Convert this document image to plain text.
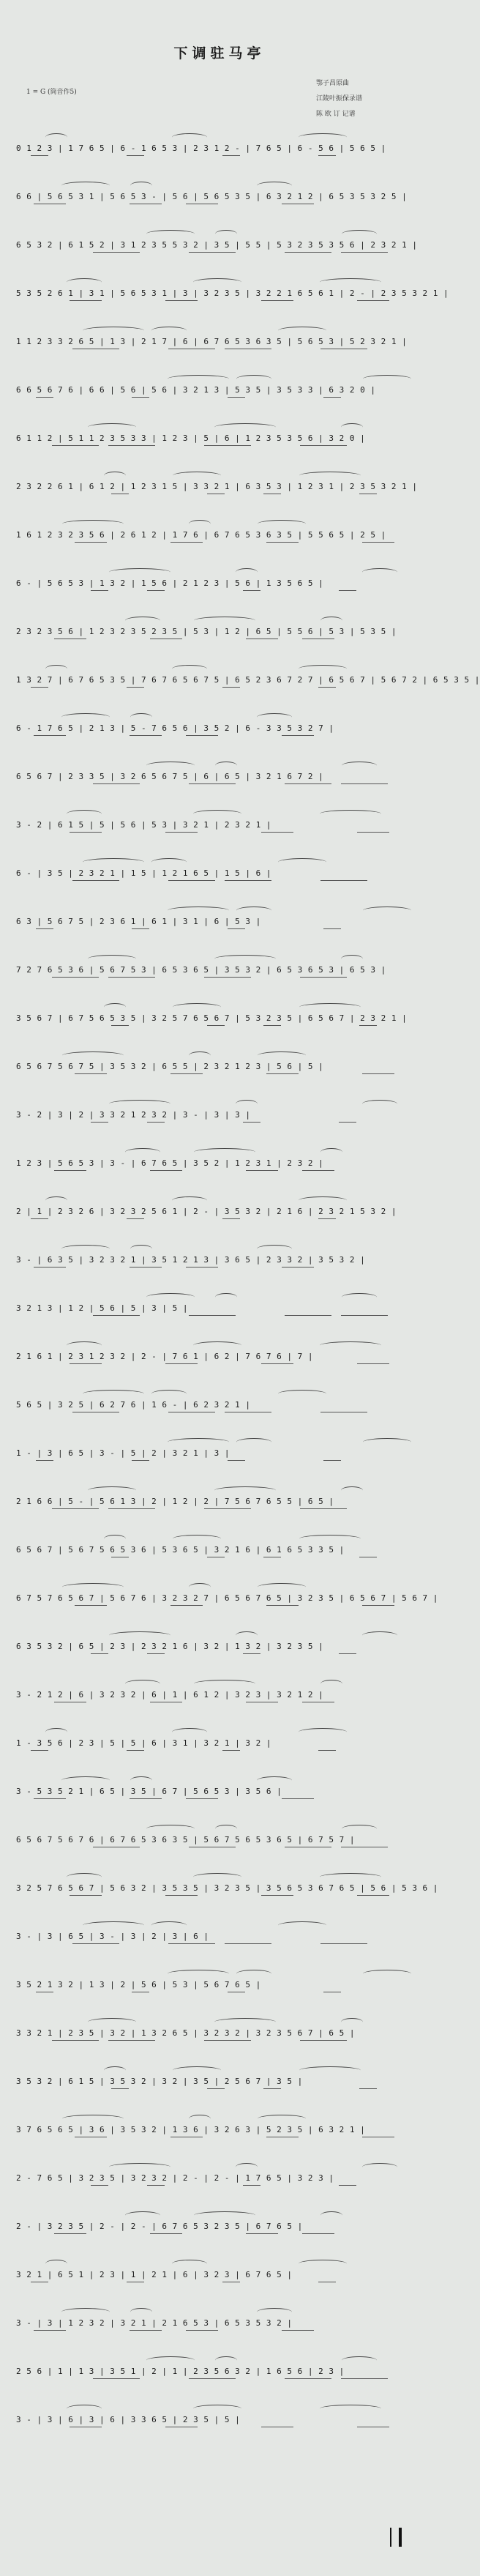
下调驻马亭
鄂子昌原曲
江陵叶振保录谱
陈 欧 订 记谱
1 = G (筒音作5)
0 1 2 3 | 1 7 6 5 | 6 - 1 6 5 3 | 2 3 1 2 - | 7 6 5 | 6 - 5 6 | 5 6 5 |
6 6 | 5 6 5 3 1 | 5 6 5 3 - | 5 6 | 5 6 5 3 5 | 6 3 2 1 2 | 6 5 3 5 3 2 5 |
6 5 3 2 | 6 1 5 2 | 3 1 2 3 5 5 3 2 | 3 5 | 5 5 | 5 3 2 3 5 3 5 6 | 2 3 2 1 |
5 3 5 2 6 1 | 3 1 | 5 6 5 3 1 | 3 | 3 2 3 5 | 3 2 2 1 6 5 6 1 | 2 - | 2 3 5 3 2 1 |
1 1 2 3 3 2 6 5 | 1 3 | 2 1 7 | 6 | 6 7 6 5 3 6 3 5 | 5 6 5 3 | 5 2 3 2 1 |
6 6 5 6 7 6 | 6 6 | 5 6 | 5 6 | 3 2 1 3 | 5 3 5 | 3 5 3 3 | 6 3 2 0 |
6 1 1 2 | 5 1 1 2 3 5 3 3 | 1 2 3 | 5 | 6 | 1 2 3 5 3 5 6 | 3 2 0 |
2 3 2 2 6 1 | 6 1 2 | 1 2 3 1 5 | 3 3 2 1 | 6 3 5 3 | 1 2 3 1 | 2 3 5 3 2 1 |
1 6 1 2 3 2 3 5 6 | 2 6 1 2 | 1 7 6 | 6 7 6 5 3 6 3 5 | 5 5 6 5 | 2 5 |
6 - | 5 6 5 3 | 1 3 2 | 1 5 6 | 2 1 2 3 | 5 6 | 1 3 5 6 5 |
2 3 2 3 5 6 | 1 2 3 2 3 5 2 3 5 | 5 3 | 1 2 | 6 5 | 5 5 6 | 5 3 | 5 3 5 |
1 3 2 7 | 6 7 6 5 3 5 | 7 6 7 6 5 6 7 5 | 6 5 2 3 6 7 2 7 | 6 5 6 7 | 5 6 7 2 | 6 5 3 5 |
6 - 1 7 6 5 | 2 1 3 | 5 - 7 6 5 6 | 3 5 2 | 6 - 3 3 5 3 2 7 |
6 5 6 7 | 2 3 3 5 | 3 2 6 5 6 7 5 | 6 | 6 5 | 3 2 1 6 7 2 |
3 - 2 | 6 1 5 | 5 | 5 6 | 5 3 | 3 2 1 | 2 3 2 1 |
6 - | 3 5 | 2 3 2 1 | 1 5 | 1 2 1 6 5 | 1 5 | 6 |
6 3 | 5 6 7 5 | 2 3 6 1 | 6 1 | 3 1 | 6 | 5 3 |
7 2 7 6 5 3 6 | 5 6 7 5 3 | 6 5 3 6 5 | 3 5 3 2 | 6 5 3 6 5 3 | 6 5 3 |
3 5 6 7 | 6 7 5 6 5 3 5 | 3 2 5 7 6 5 6 7 | 5 3 2 3 5 | 6 5 6 7 | 2 3 2 1 |
6 5 6 7 5 6 7 5 | 3 5 3 2 | 6 5 5 | 2 3 2 1 2 3 | 5 6 | 5 |
3 - 2 | 3 | 2 | 3 3 2 1 2 3 2 | 3 - | 3 | 3 |
1 2 3 | 5 6 5 3 | 3 - | 6 7 6 5 | 3 5 2 | 1 2 3 1 | 2 3 2 |
2 | 1 | 2 3 2 6 | 3 2 3 2 5 6 1 | 2 - | 3 5 3 2 | 2 1 6 | 2 3 2 1 5 3 2 |
3 - | 6 3 5 | 3 2 3 2 1 | 3 5 1 2 1 3 | 3 6 5 | 2 3 3 2 | 3 5 3 2 |
3 2 1 3 | 1 2 | 5 6 | 5 | 3 | 5 |
2 1 6 1 | 2 3 1 2 3 2 | 2 - | 7 6 1 | 6 2 | 7 6 7 6 | 7 |
5 6 5 | 3 2 5 | 6 2 7 6 | 1 6 - | 6 2 3 2 1 |
1 - | 3 | 6 5 | 3 - | 5 | 2 | 3 2 1 | 3 |
2 1 6 6 | 5 - | 5 6 1 3 | 2 | 1 2 | 2 | 7 5 6 7 6 5 5 | 6 5 |
6 5 6 7 | 5 6 7 5 6 5 3 6 | 5 3 6 5 | 3 2 1 6 | 6 1 6 5 3 3 5 |
6 7 5 7 6 5 6 7 | 5 6 7 6 | 3 2 3 2 7 | 6 5 6 7 6 5 | 3 2 3 5 | 6 5 6 7 | 5 6 7 |
6 3 5 3 2 | 6 5 | 2 3 | 2 3 2 1 6 | 3 2 | 1 3 2 | 3 2 3 5 |
3 - 2 1 2 | 6 | 3 2 3 2 | 6 | 1 | 6 1 2 | 3 2 3 | 3 2 1 2 |
1 - 3 5 6 | 2 3 | 5 | 5 | 6 | 3 1 | 3 2 1 | 3 2 |
3 - 5 3 5 2 1 | 6 5 | 3 5 | 6 7 | 5 6 5 3 | 3 5 6 |
6 5 6 7 5 6 7 6 | 6 7 6 5 3 6 3 5 | 5 6 7 5 6 5 3 6 5 | 6 7 5 7 |
3 2 5 7 6 5 6 7 | 5 6 3 2 | 3 5 3 5 | 3 2 3 5 | 3 5 6 5 3 6 7 6 5 | 5 6 | 5 3 6 |
3 - | 3 | 6 5 | 3 - | 3 | 2 | 3 | 6 |
3 5 2 1 3 2 | 1 3 | 2 | 5 6 | 5 3 | 5 6 7 6 5 |
3 3 2 1 | 2 3 5 | 3 2 | 1 3 2 6 5 | 3 2 3 2 | 3 2 3 5 6 7 | 6 5 |
3 5 3 2 | 6 1 5 | 3 5 3 2 | 3 2 | 3 5 | 2 5 6 7 | 3 5 |
3 7 6 5 6 5 | 3 6 | 3 5 3 2 | 1 3 6 | 3 2 6 3 | 5 2 3 5 | 6 3 2 1 |
2 - 7 6 5 | 3 2 3 5 | 3 2 3 2 | 2 - | 2 - | 1 7 6 5 | 3 2 3 |
2 - | 3 2 3 5 | 2 - | 2 - | 6 7 6 5 3 2 3 5 | 6 7 6 5 |
3 2 1 | 6 5 1 | 2 3 | 1 | 2 1 | 6 | 3 2 3 | 6 7 6 5 |
3 - | 3 | 1 2 3 2 | 3 2 1 | 2 1 6 5 3 | 6 5 3 5 3 2 |
2 5 6 | 1 | 1 3 | 3 5 1 | 2 | 1 | 2 3 5 6 3 2 | 1 6 5 6 | 2 3 |
3 - | 3 | 6 | 3 | 6 | 3 3 6 5 | 2 3 5 | 5 |
